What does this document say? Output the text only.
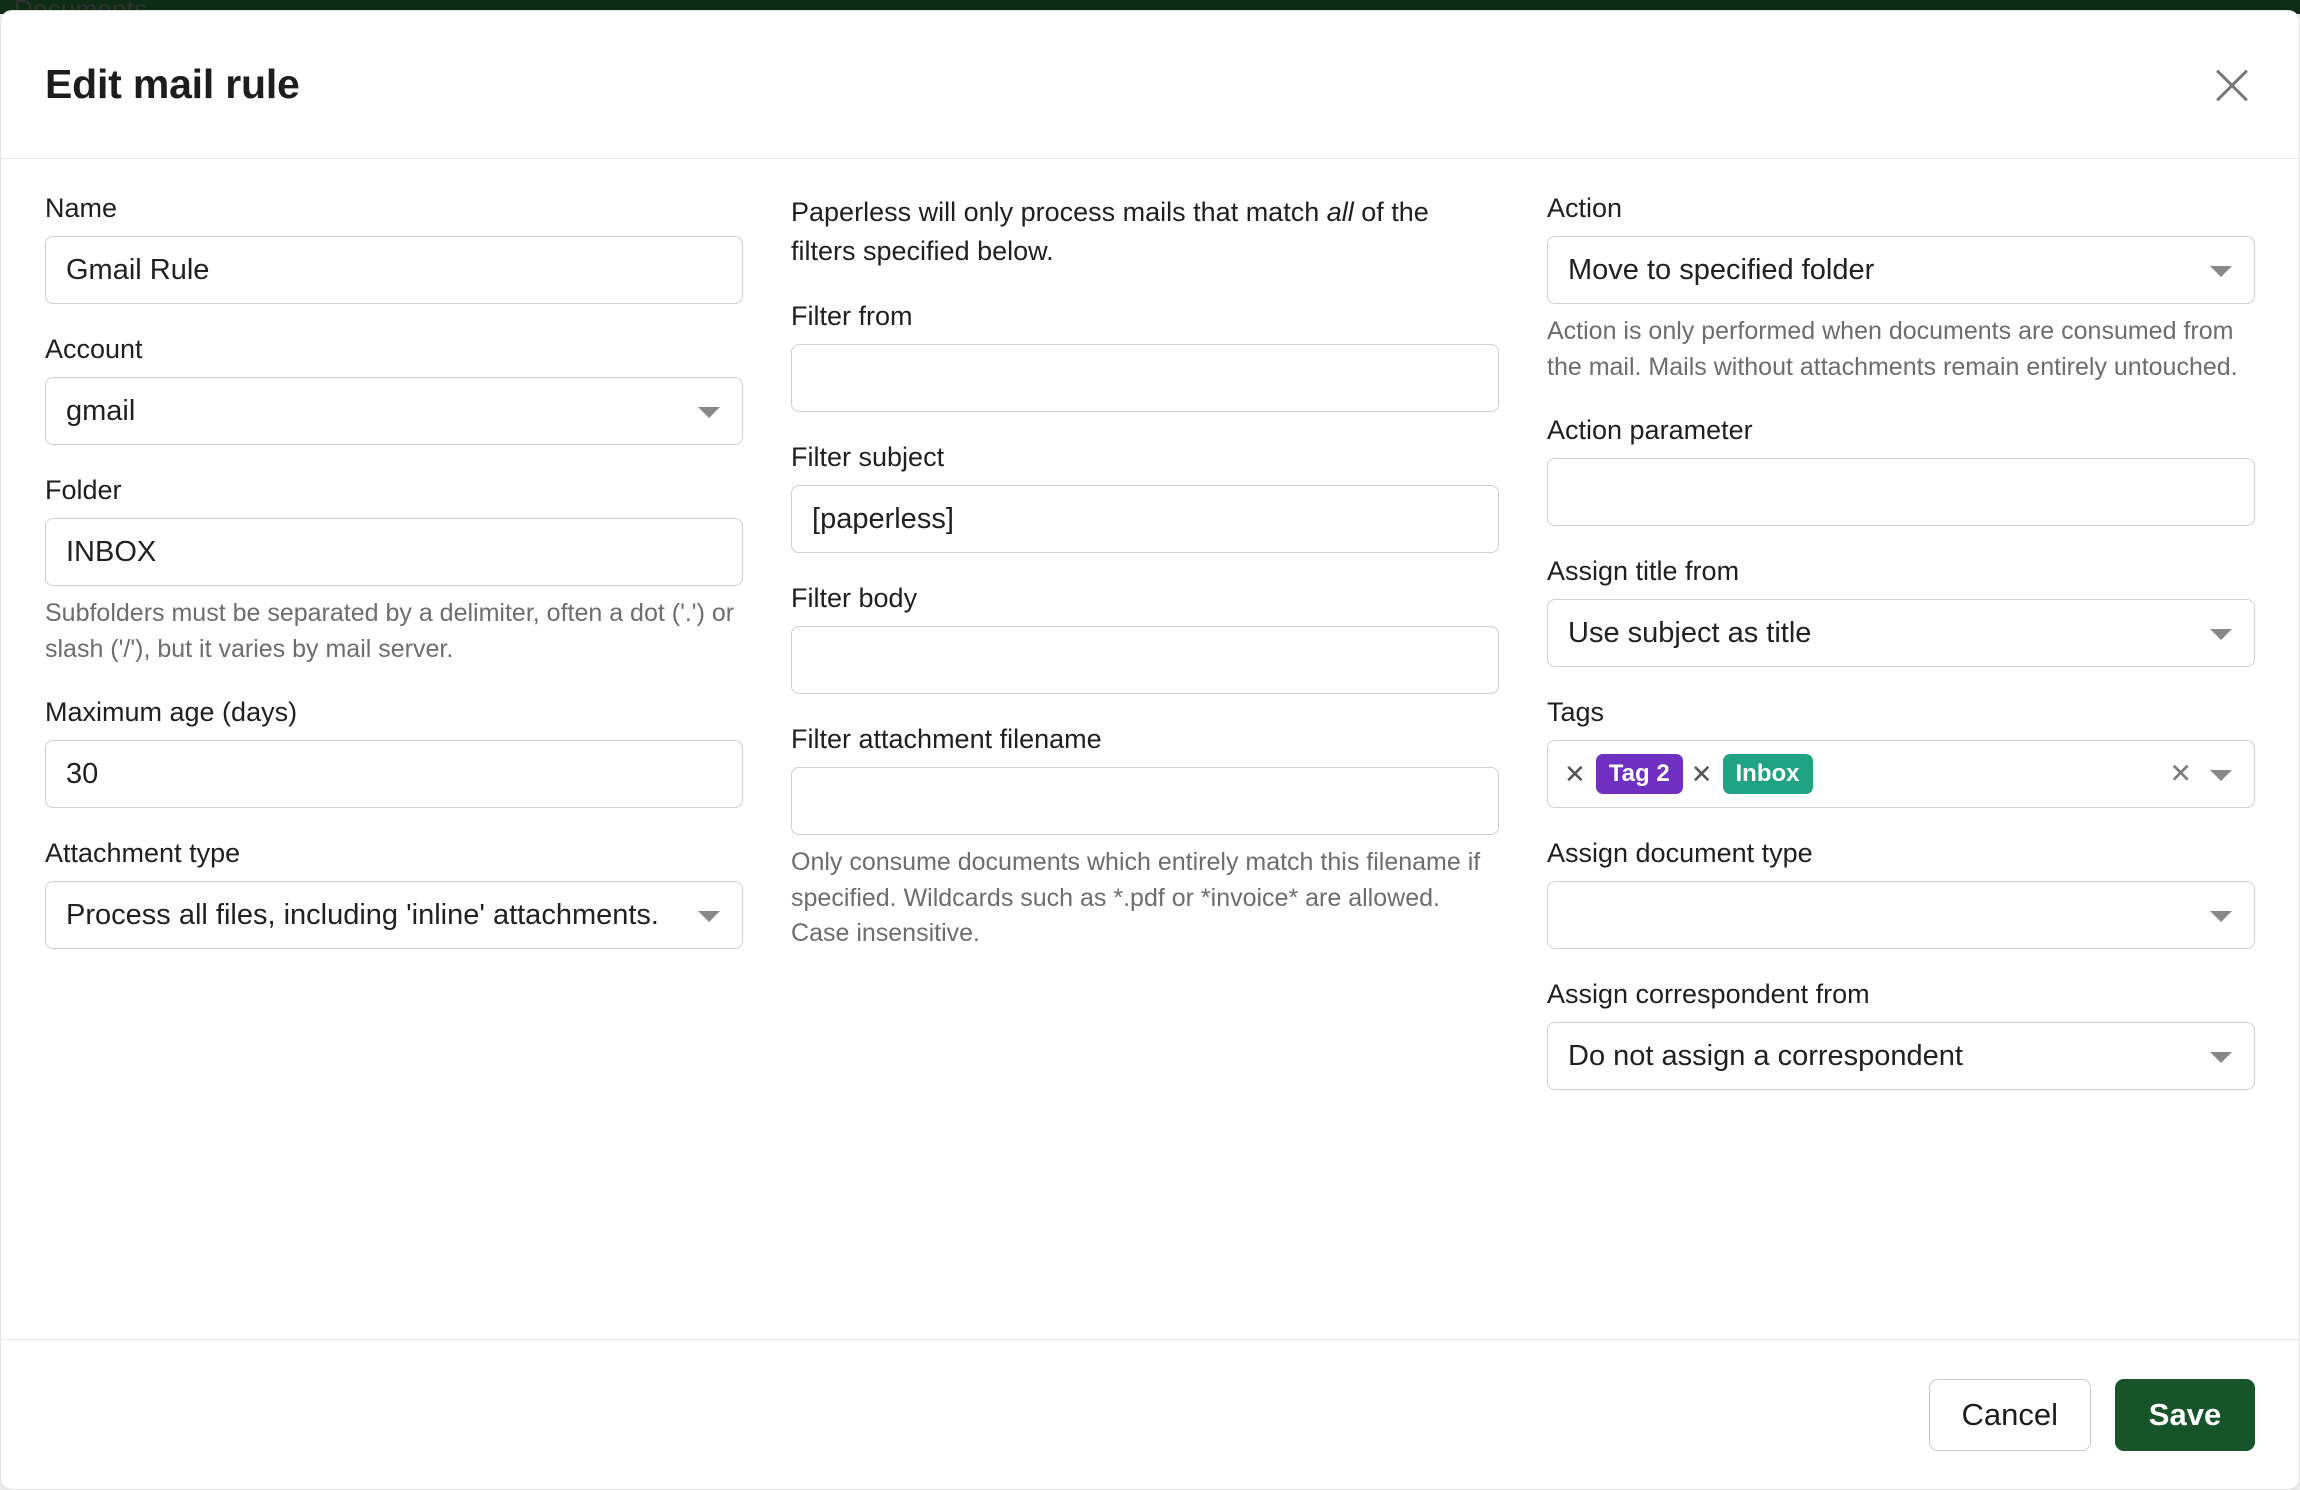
Edit mail rule
Name
Gmail Rule
Account
gmail
Folder
INBOX
Subfolders must be separated by a delimiter, often a dot ('.') or slash ('/'), but it varies by mail server.
Maximum age (days)
30
Attachment type
Process all files, including 'inline' attachments.

Paperless will only process mails that match all of the filters specified below.

Filter from
Filter subject
[paperless]
Filter body
Filter attachment filename
Only consume documents which entirely match this filename if specified. Wildcards such as *.pdf or *invoice* are allowed. Case insensitive.
Action
Move to specified folder
Action is only performed when documents are consumed from the mail. Mails without attachments remain entirely untouched.
Action parameter
Assign title from
Use subject as title
Tags
✕ Tag 2 ✕ Inbox	✕
Assign document type
Assign correspondent from
Do not assign a correspondent
Cancel	Save
